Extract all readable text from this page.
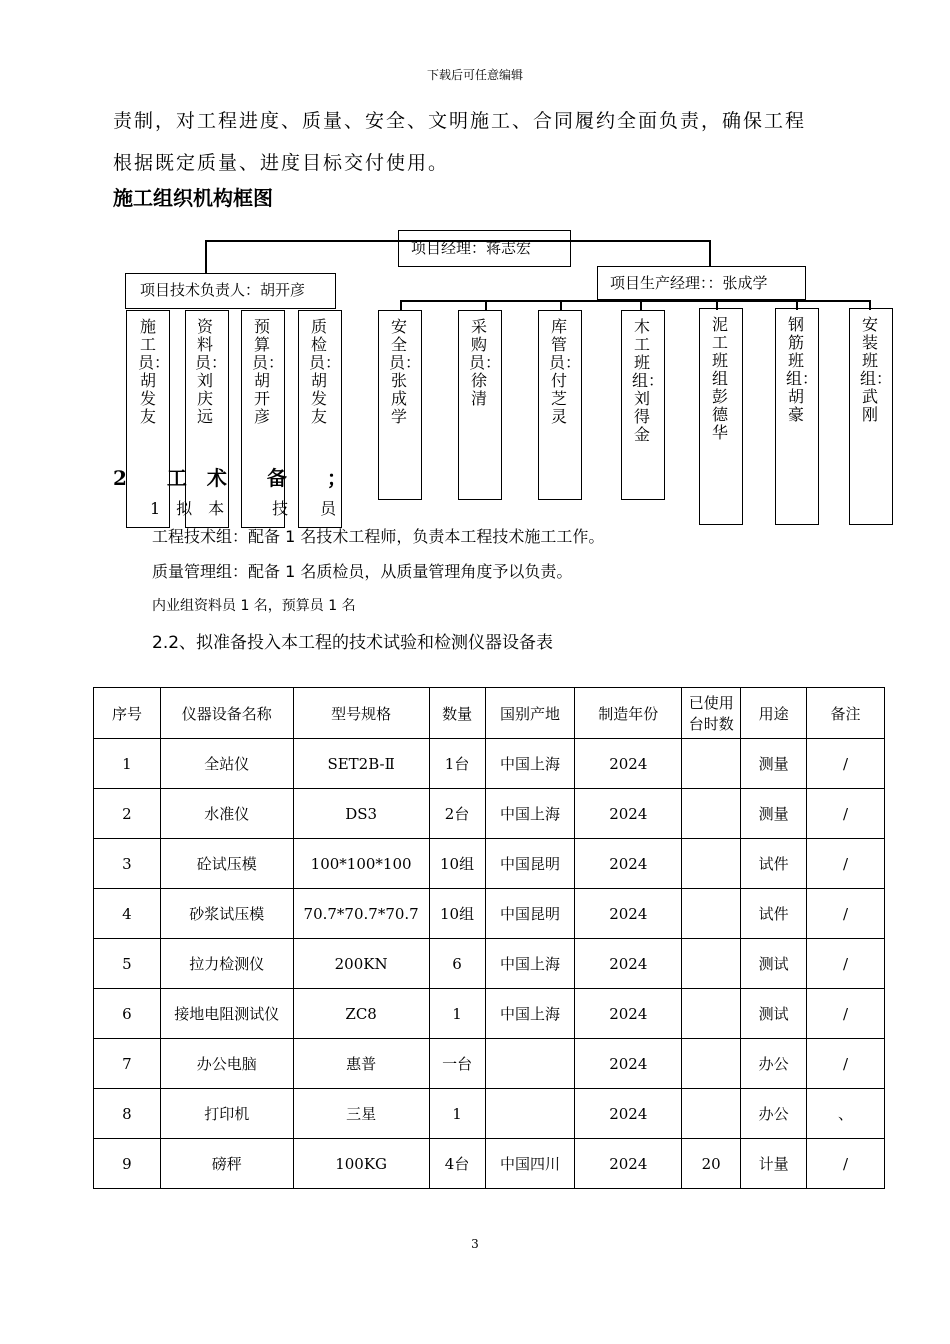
下载后可任意编辑
责制，对工程进度、质量、安全、文明施工、合同履约全面负责，确保工程
根据既定质量、进度目标交付使用。
施工组织机构框图
项目经理：蒋志宏
项目技术负责人：胡开彦	项目生产经理：：张成学
施工员：胡发友
资料员：刘庆远
预算员：胡开彦
质检员：胡发友
安全员：张成学
采购员：徐　清
库管员：付芝灵
木工班组：刘得金
泥工班组彭德华
钢筋班组：胡　豪
安装班组：武　刚
2　　工　术　　备　　；
1　拟　本　　　技　　员
工程技术组：配备 1 名技术工程师，负责本工程技术施工工作。
质量管理组：配备 1 名质检员，从质量管理角度予以负责。
内业组资料员 1 名，预算员 1 名
2.2、拟准备投入本工程的技术试验和检测仪器设备表
序号	仪器设备名称	型号规格	数量	国别产地	制造年份	已使用台时数	用途	备注
1	全站仪	SET2B-Ⅱ	1台	中国上海	2024		测量	/
2	水准仪	DS3	2台	中国上海	2024		测量	/
3	砼试压模	100*100*100	10组	中国昆明	2024		试件	/
4	砂浆试压模	70.7*70.7*70.7	10组	中国昆明	2024		试件	/
5	拉力检测仪	200KN	6	中国上海	2024		测试	/
6	接地电阻测试仪	ZC8	1	中国上海	2024		测试	/
7	办公电脑	惠普	一台		2024		办公	/
8	打印机	三星	1		2024		办公	、
9	磅秤	100KG	4台	中国四川	2024	20	计量	/
3
